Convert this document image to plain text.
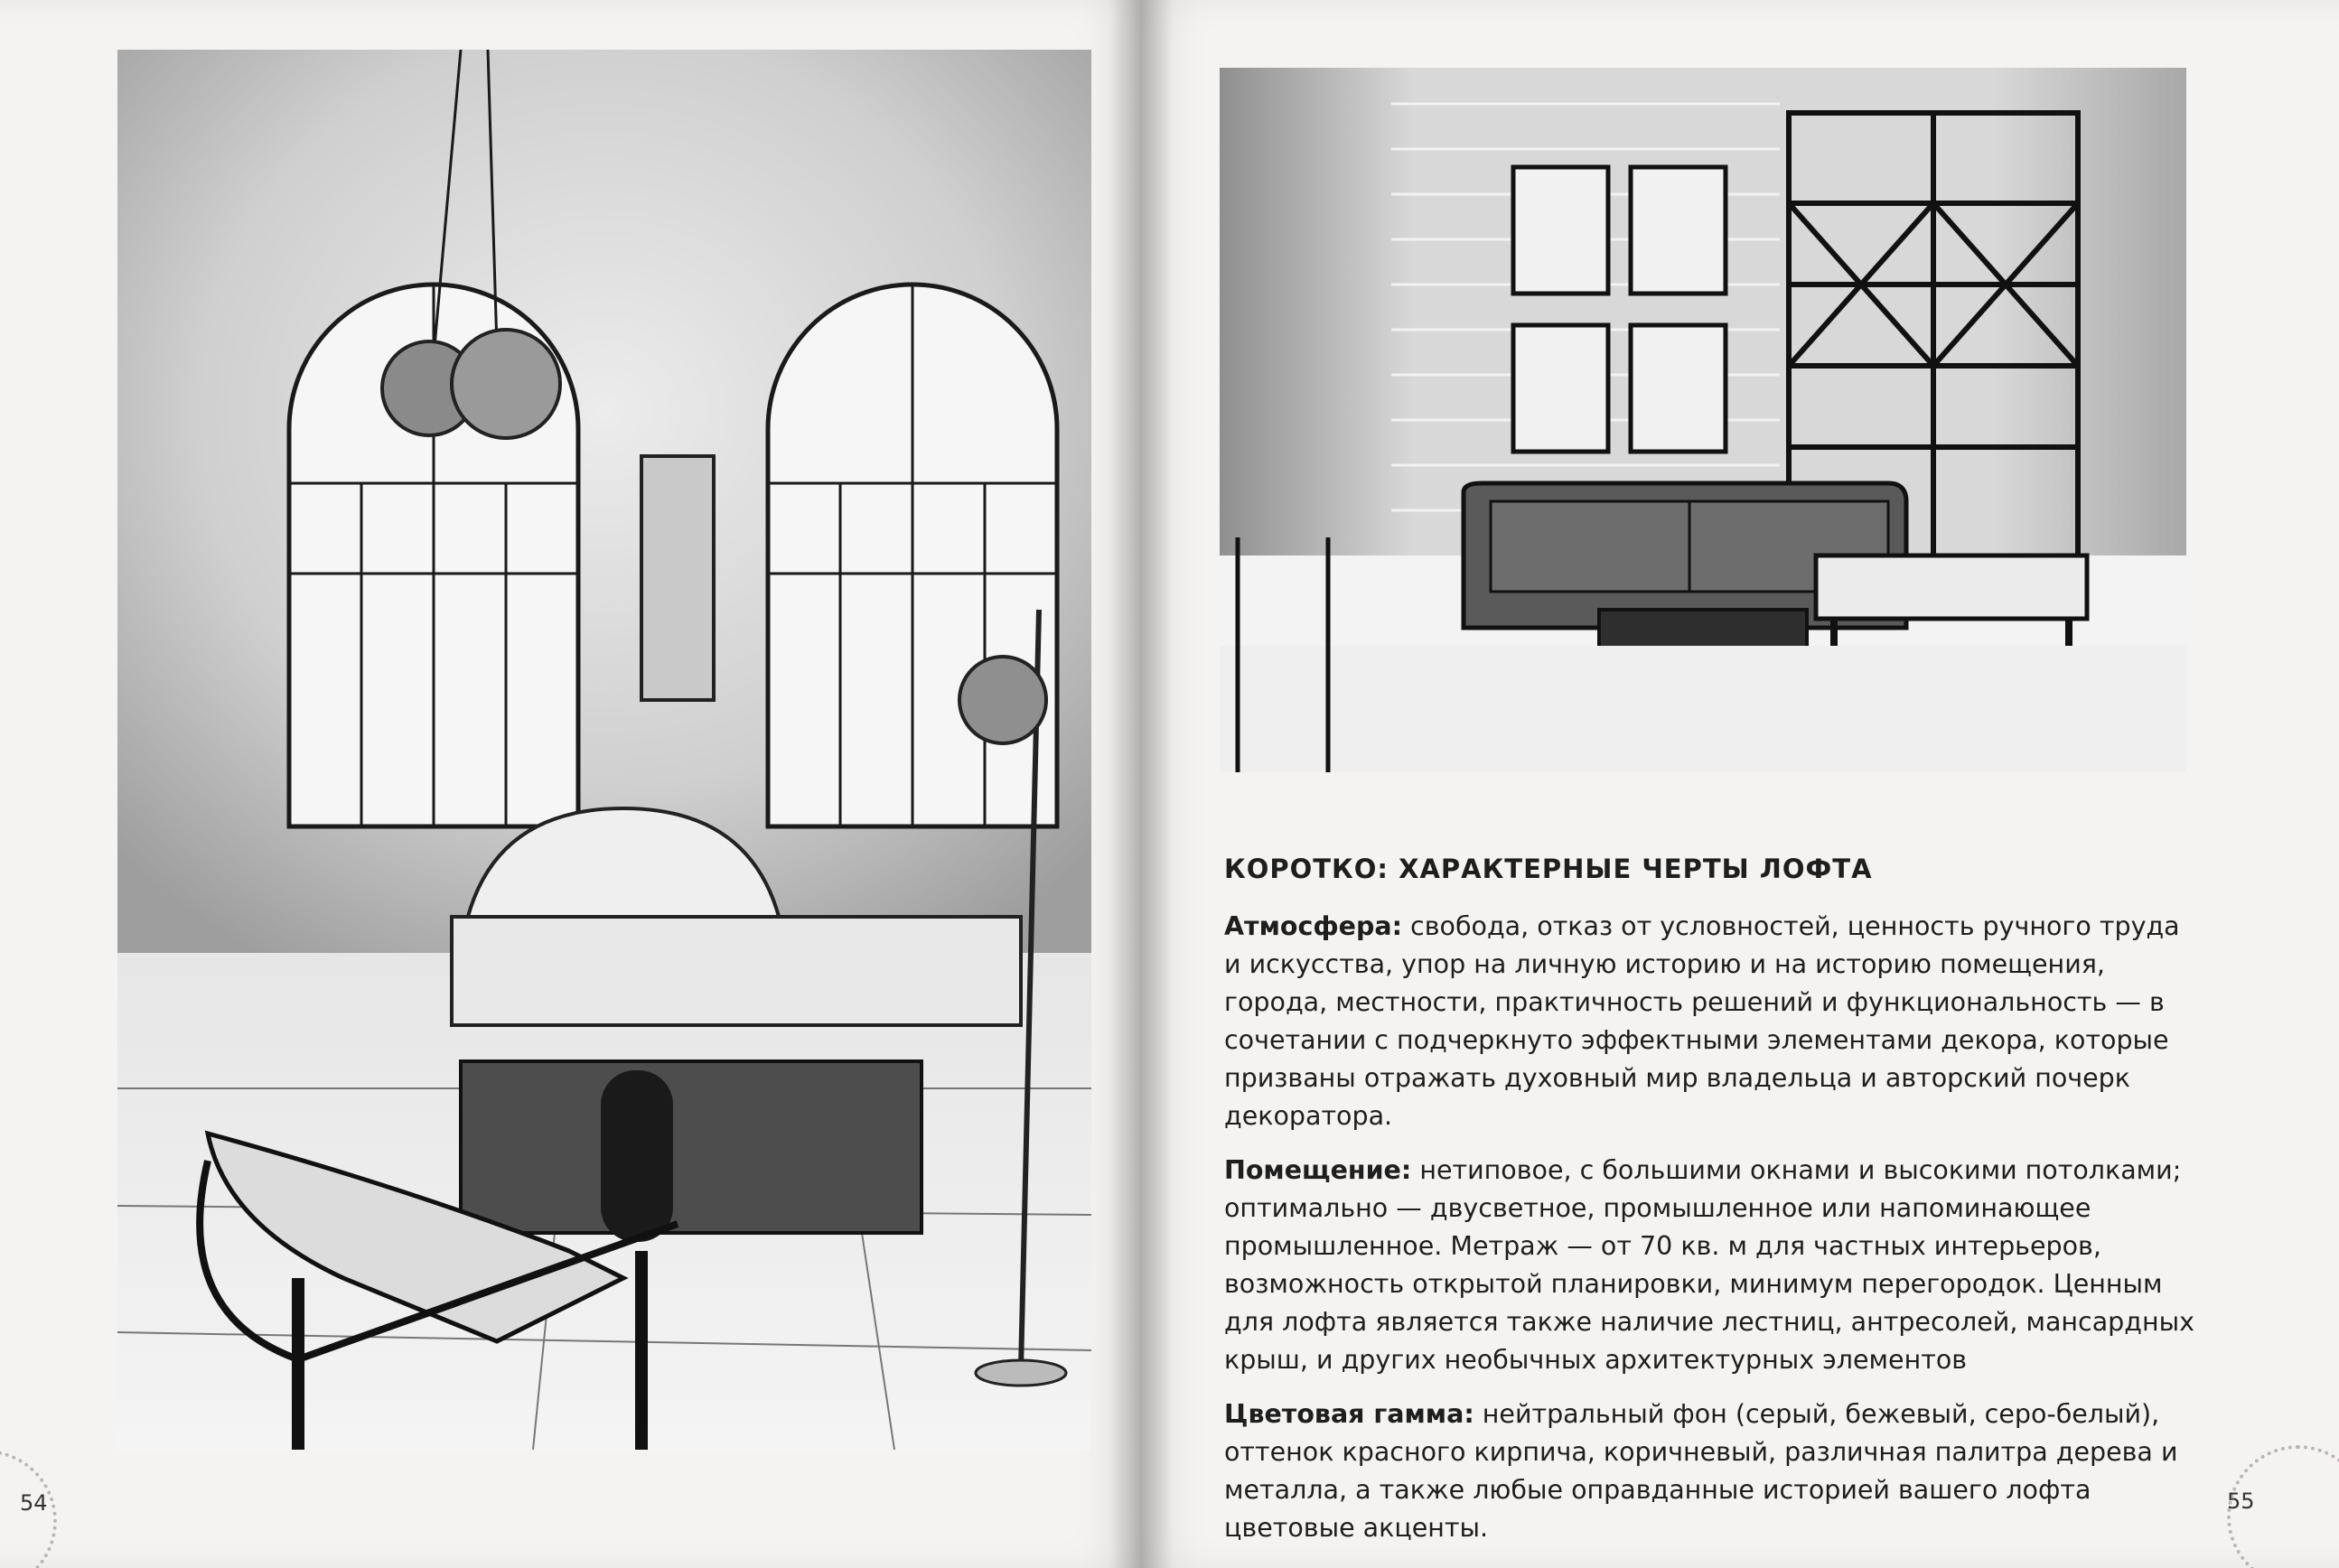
54	55
КОРОТКО: ХАРАКТЕРНЫЕ ЧЕРТЫ ЛОФТА

Атмосфера: свобода, отказ от условностей, ценность ручного труда и искусства, упор на личную историю и на историю помещения, города, местности, практичность решений и функциональность — в сочетании с подчеркнуто эффектными элементами декора, которые призваны отражать духовный мир владельца и авторский почерк декоратора.

Помещение: нетиповое, с большими окнами и высокими потолками; оптимально — двусветное, промышленное или напоминающее промышленное. Метраж — от 70 кв. м для частных интерьеров, возможность открытой планировки, минимум перегородок. Ценным для лофта является также наличие лестниц, антресолей, мансардных крыш, и других необычных архитектурных элементов

Цветовая гамма: нейтральный фон (серый, бежевый, серо-белый), оттенок красного кирпича, коричневый, различная палитра дерева и металла, а также любые оправданные историей вашего лофта цветовые акценты.
